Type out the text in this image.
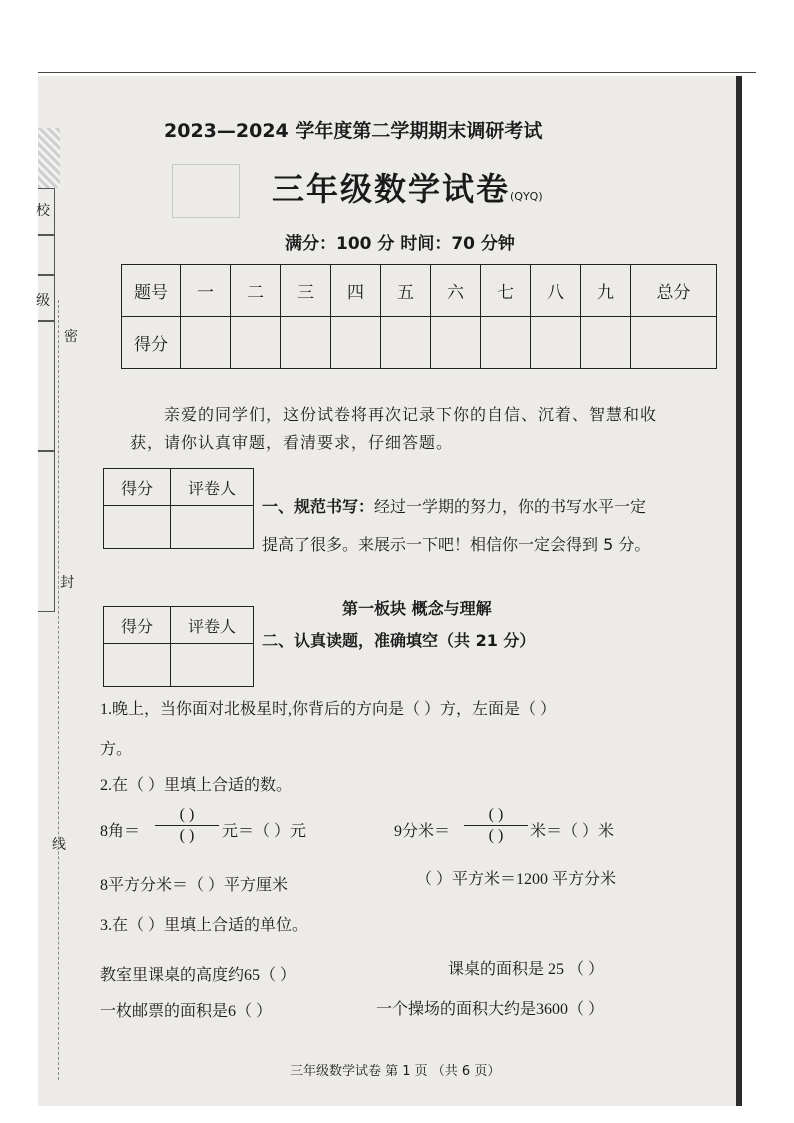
校
级
密
封
线
2023—2024 学年度第二学期期末调研考试
三年级数学试卷(QYQ)
满分：100 分 时间：70 分钟
题号	一	二	三	四	五	六	七	八	九	总分
得分										
亲爱的同学们，这份试卷将再次记录下你的自信、沉着、智慧和收
获，请你认真审题，看清要求，仔细答题。
得分	评卷人

一、规范书写：经过一学期的努力，你的书写水平一定
提高了很多。来展示一下吧！相信你一定会得到 5 分。
第一板块 概念与理解
得分	评卷人

二、认真读题，准确填空（共 21 分）
1.晚上，当你面对北极星时,你背后的方向是（ ）方，左面是（ ）
方。
2.在（ ）里填上合适的数。
8角＝
( )
( )	元＝（ ）元	9分米＝
( )
( )	米＝（ ）米
8平方分米＝（ ）平方厘米	（ ）平方米＝1200 平方分米
3.在（ ）里填上合适的单位。
教室里课桌的高度约65（ ）	课桌的面积是 25 （ ）
一枚邮票的面积是6（ ）	一个操场的面积大约是3600（ ）
三年级数学试卷 第 1 页 （共 6 页）
